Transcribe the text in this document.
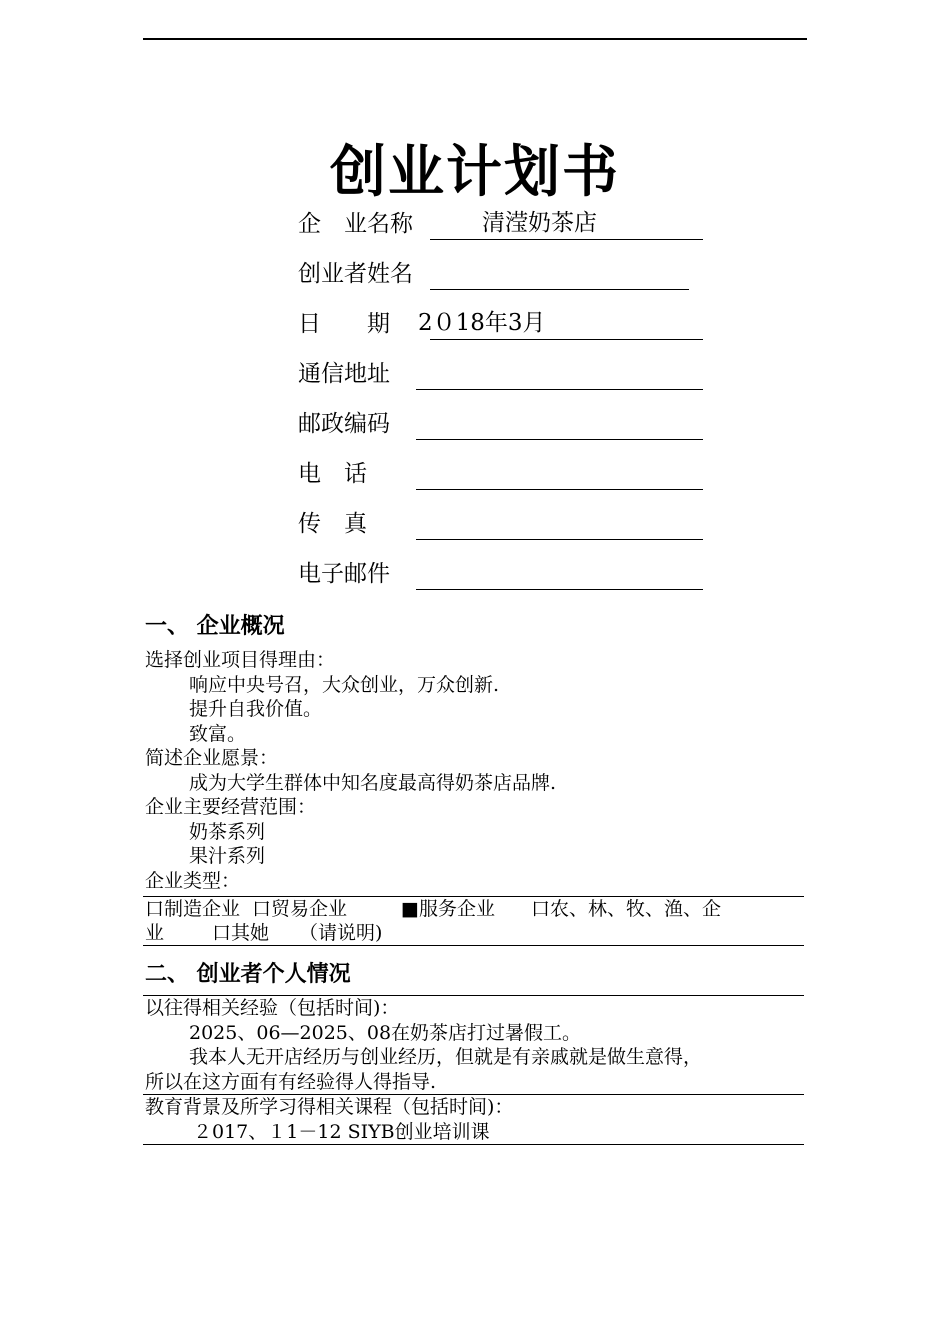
创业计划书
企　业名称	清滢奶茶店
创业者姓名
日　　期 2０18年3月
通信地址
邮政编码
电　话
传　真
电子邮件
一、 企业概况
选择创业项目得理由：
响应中央号召，大众创业，万众创新.
提升自我价值。
致富。
简述企业愿景：
成为大学生群体中知名度最高得奶茶店品牌.
企业主要经营范围：
奶茶系列
果汁系列
企业类型：
口制造企业 口贸易企业	■服务企业 口农、林、牧、渔、企
业	口其她 （请说明)
二、 创业者个人情况
以往得相关经验（包括时间)：
2025、06—2025、08在奶茶店打过暑假工。
我本人无开店经历与创业经历，但就是有亲戚就是做生意得，
所以在这方面有有经验得人得指导.
教育背景及所学习得相关课程（包括时间)：
２017、１1－12 SIYB创业培训课
